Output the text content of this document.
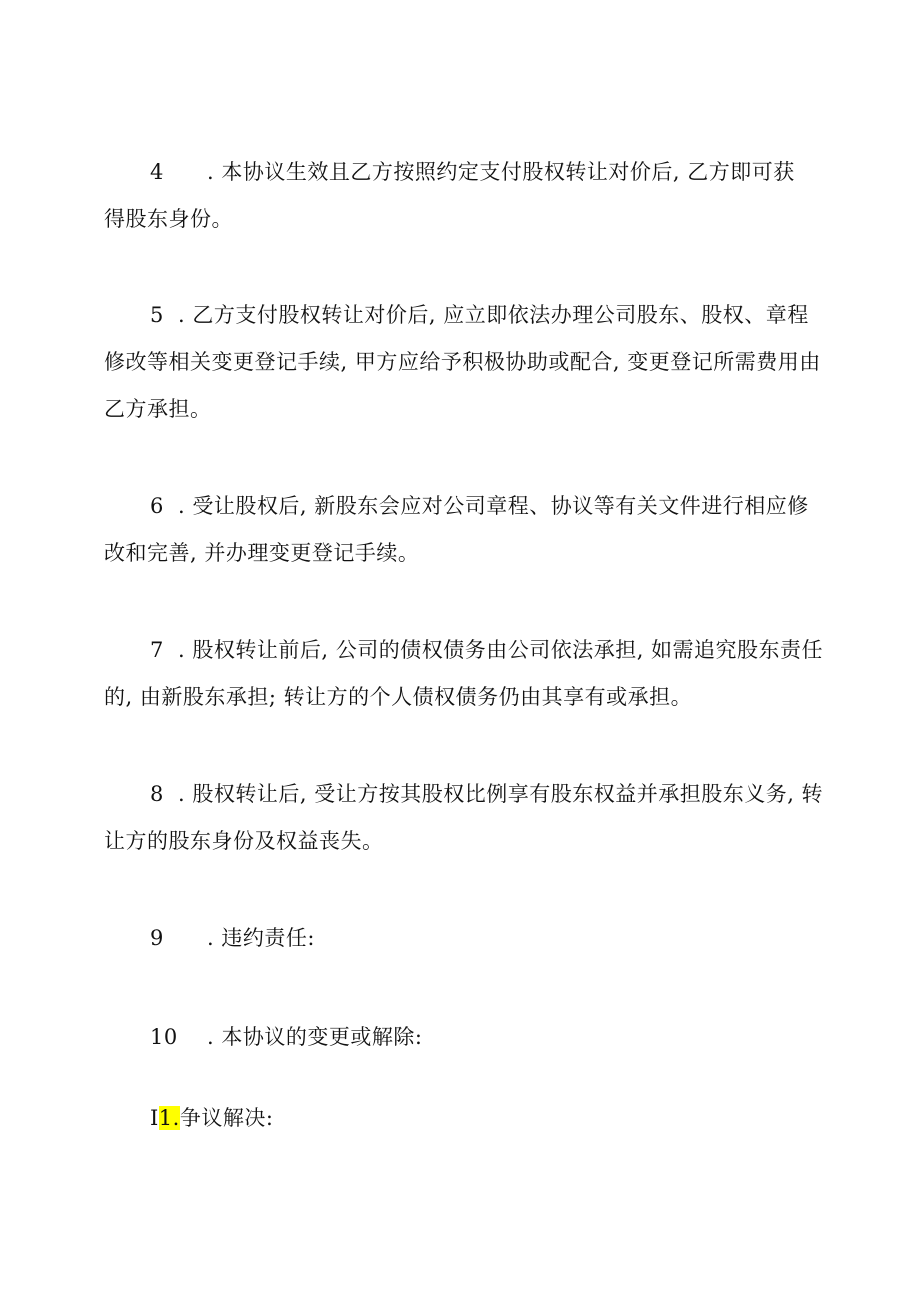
4 . 本协议生效且乙方按照约定支付股权转让对价后, 乙方即可获
得股东身份。
5 . 乙方支付股权转让对价后, 应立即依法办理公司股东、股权、章程
修改等相关变更登记手续, 甲方应给予积极协助或配合, 变更登记所需费用由
乙方承担。
6 . 受让股权后, 新股东会应对公司章程、协议等有关文件进行相应修
改和完善, 并办理变更登记手续。
7 . 股权转让前后, 公司的债权债务由公司依法承担, 如需追究股东责任
的, 由新股东承担; 转让方的个人债权债务仍由其享有或承担。
8 . 股权转让后, 受让方按其股权比例享有股东权益并承担股东义务, 转
让方的股东身份及权益丧失。
9 . 违约责任:
10 . 本协议的变更或解除:
I1.争议解决:
